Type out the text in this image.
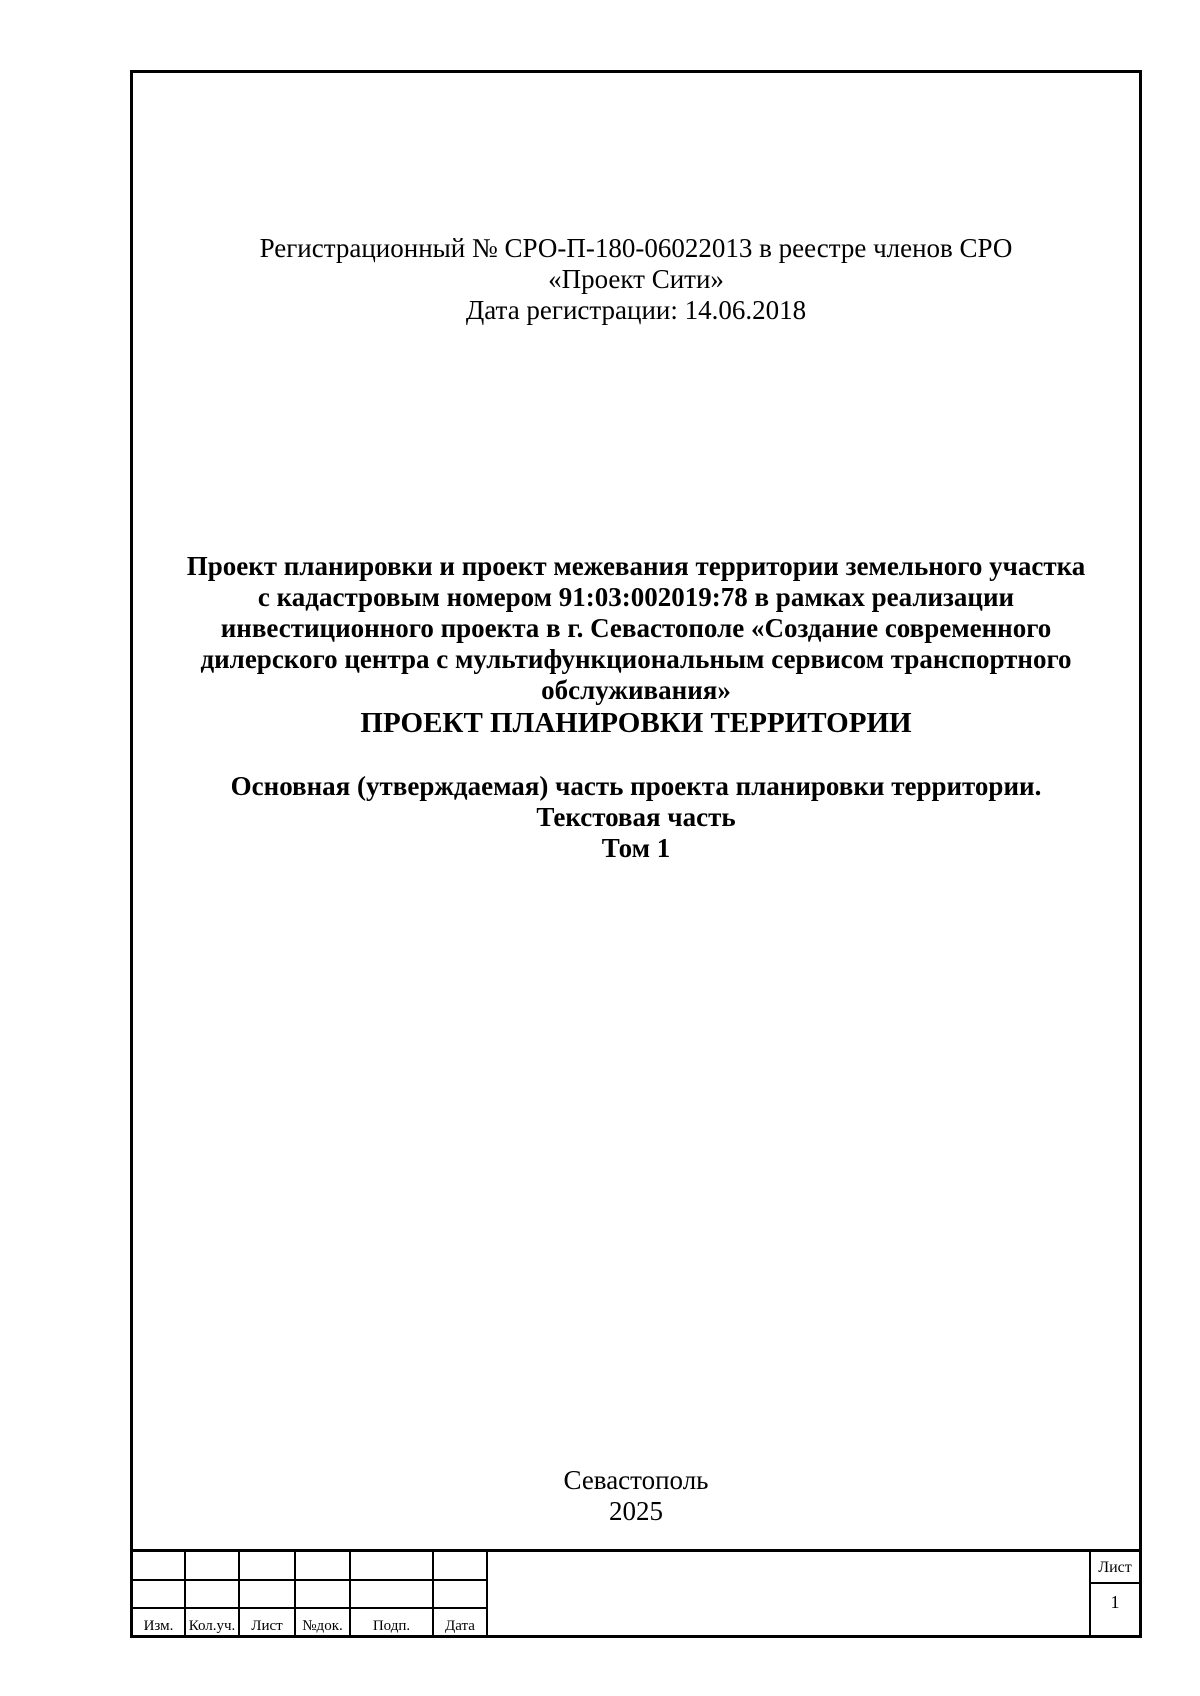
Регистрационный № СРО-П-180-06022013 в реестре членов СРО
«Проект Сити»
Дата регистрации: 14.06.2018
Проект планировки и проект межевания территории земельного участка
с кадастровым номером 91:03:002019:78 в рамках реализации
инвестиционного проекта в г. Севастополе «Создание современного
дилерского центра с мультифункциональным сервисом транспортного
обслуживания»
ПРОЕКТ ПЛАНИРОВКИ ТЕРРИТОРИИ
Основная (утверждаемая) часть проекта планировки территории.
Текстовая часть
Том 1
Севастополь
2025

Изм.	Кол.уч.	Лист	№док.	Подп.	Дата
Лист
1
